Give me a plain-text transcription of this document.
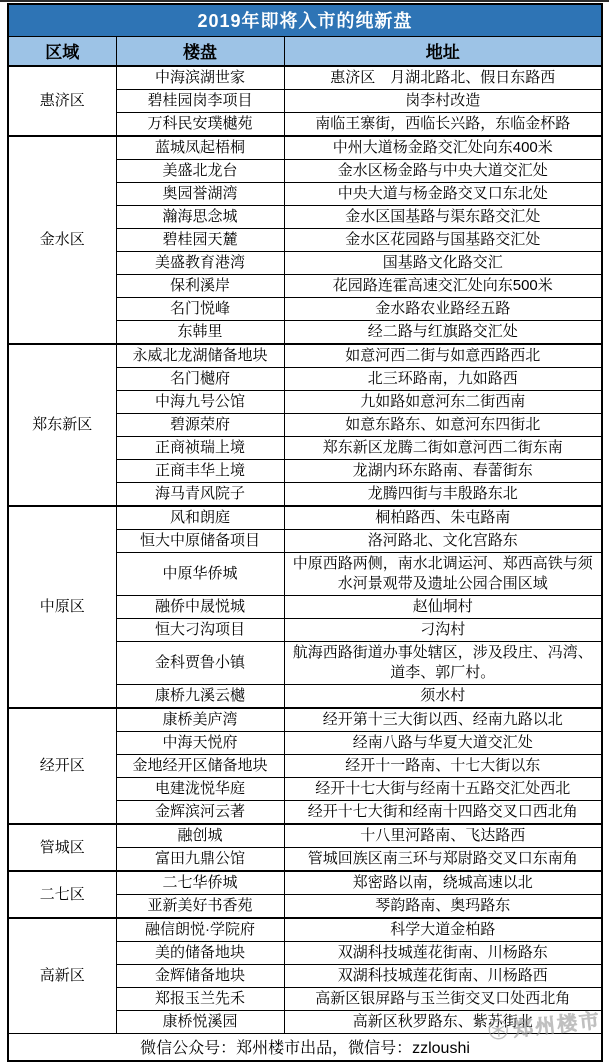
2019年即将入市的纯新盘		
区域	楼盘	地址
惠济区	中海滨湖世家	惠济区　月湖北路北、假日东路西
	碧桂园岗李项目	岗李村改造
	万科民安璞樾苑	南临王寨街，西临长兴路，东临金杯路
金水区	蓝城凤起梧桐	中州大道杨金路交汇处向东400米
	美盛北龙台	金水区杨金路与中央大道交汇处
	奥园誉湖湾	中央大道与杨金路交叉口东北处
	瀚海思念城	金水区国基路与渠东路交汇处
	碧桂园天麓	金水区花园路与国基路交汇处
	美盛教育港湾	国基路文化路交汇
	保利溪岸	花园路连霍高速交汇处向东500米
	名门悦峰	金水路农业路经五路
	东韩里	经二路与红旗路交汇处
郑东新区	永威北龙湖储备地块	如意河西二街与如意西路西北
	名门樾府	北三环路南，九如路西
	中海九号公馆	九如路如意河东二街西南
	碧源荣府	如意东路东、如意河东四街北
	正商祯瑞上境	郑东新区龙腾二街如意河西二街东南
	正商丰华上境	龙湖内环东路南、春蕾街东
	海马青风院子	龙腾四街与丰殷路东北
中原区	风和朗庭	桐柏路西、朱屯路南
	恒大中原储备项目	洛河路北、文化宫路东
	中原华侨城	中原西路两侧，南水北调运河、郑西高铁与须水河景观带及遗址公园合围区域
	融侨中晟悦城	赵仙垌村
	恒大刁沟项目	刁沟村
	金科贾鲁小镇	航海西路街道办事处辖区，涉及段庄、冯湾、道李、郭厂村。
	康桥九溪云樾	须水村
经开区	康桥美庐湾	经开第十三大街以西、经南九路以北
	中海天悦府	经南八路与华夏大道交汇处
	金地经开区储备地块	经开十一路南、十七大街以东
	电建泷悦华庭	经开十七大街与经南十五路交汇处西北
	金辉滨河云著	经开十七大街和经南十四路交叉口西北角
管城区	融创城	十八里河路南、飞达路西
	富田九鼎公馆	管城回族区南三环与郑尉路交叉口东南角
二七区	二七华侨城	郑密路以南，绕城高速以北
	亚新美好书香苑	琴韵路南、奥玛路东
高新区	融信朗悦·学院府	科学大道金柏路
	美的储备地块	双湖科技城莲花街南、川杨路东
	金辉储备地块	双湖科技城莲花街南、川杨路西
	郑报玉兰先禾	高新区银屏路与玉兰街交叉口处西北角
	康桥悦溪园	高新区秋罗路东、紫苏街北
微信公众号：郑州楼市出品，微信号：zzloushi		
郑州楼市
